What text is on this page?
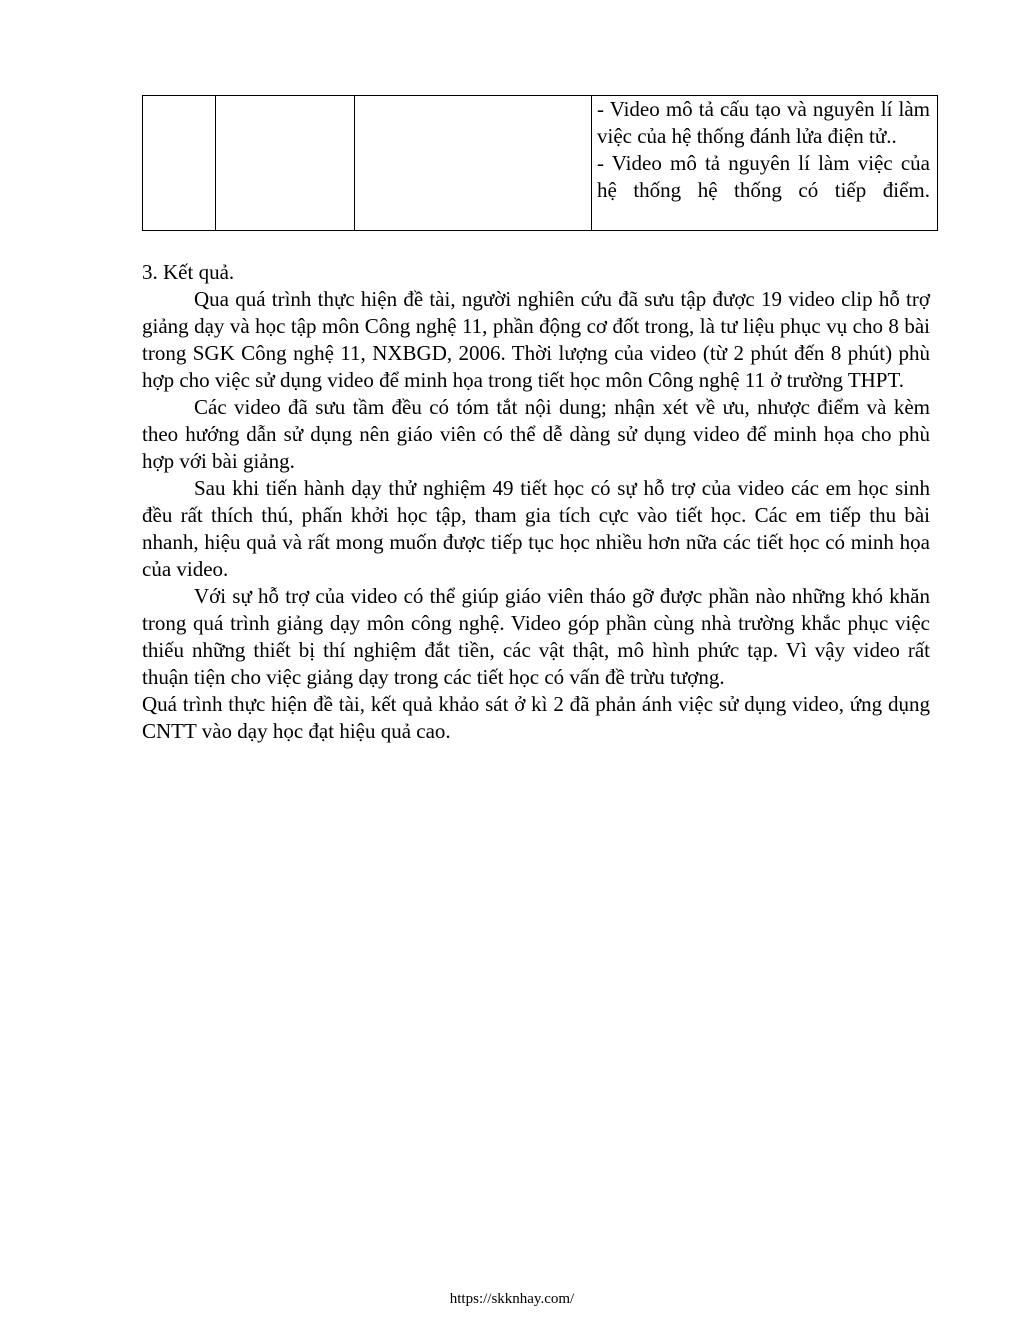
- Video mô tả cấu tạo và nguyên lí làm việc của hệ thống đánh lửa điện tử..

- Video mô tả nguyên lí làm việc của hệ thống hệ thống có tiếp điểm.

3. Kết quả.

Qua quá trình thực hiện đề tài, người nghiên cứu đã sưu tập được 19 video clip hỗ trợ giảng dạy và học tập môn Công nghệ 11, phần động cơ đốt trong, là tư liệu phục vụ cho 8 bài trong SGK Công nghệ 11, NXBGD, 2006. Thời lượng của video (từ 2 phút đến 8 phút) phù hợp cho việc sử dụng video để minh họa trong tiết học môn Công nghệ 11 ở trường THPT.

Các video đã sưu tầm đều có tóm tắt nội dung; nhận xét về ưu, nhược điểm và kèm theo hướng dẫn sử dụng nên giáo viên có thể dễ dàng sử dụng video để minh họa cho phù hợp với bài giảng.

Sau khi tiến hành dạy thử nghiệm 49 tiết học có sự hỗ trợ của video các em học sinh đều rất thích thú, phấn khởi học tập, tham gia tích cực vào tiết học. Các em tiếp thu bài nhanh, hiệu quả và rất mong muốn được tiếp tục học nhiều hơn nữa các tiết học có minh họa của video.

Với sự hỗ trợ của video có thể giúp giáo viên tháo gỡ được phần nào những khó khăn trong quá trình giảng dạy môn công nghệ. Video góp phần cùng nhà trường khắc phục việc thiếu những thiết bị thí nghiệm đắt tiền, các vật thật, mô hình phức tạp. Vì vậy video rất thuận tiện cho việc giảng dạy trong các tiết học có vấn đề trừu tượng.

Quá trình thực hiện đề tài, kết quả khảo sát ở kì 2 đã phản ánh việc sử dụng video, ứng dụng CNTT vào dạy học đạt hiệu quả cao.

https://skknhay.com/
